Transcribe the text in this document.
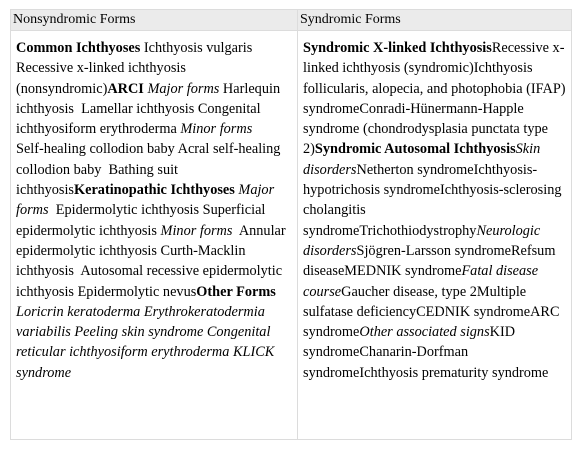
Nonsyndromic Forms	Syndromic Forms
Common Ichthyoses Ichthyosis vulgaris Recessive x-linked ichthyosis (nonsyndromic)ARCI Major forms Harlequin ichthyosis Lamellar ichthyosis Congenital ichthyosiform erythroderma Minor forms  Self-healing collodion baby Acral self-healing collodion baby Bathing suit ichthyosisKeratinopathic Ichthyoses Major forms Epidermolytic ichthyosis Superficial epidermolytic ichthyosis Minor forms Annular epidermolytic ichthyosis Curth-Macklin ichthyosis Autosomal recessive epidermolytic ichthyosis Epidermolytic nevusOther Forms Loricrin keratoderma Erythrokeratodermia variabilis Peeling skin syndrome Congenital reticular ichthyosiform erythroderma KLICK syndrome
Syndromic X-linked IchthyosisRecessive x-linked ichthyosis (syndromic)Ichthyosis follicularis, alopecia, and photophobia (IFAP) syndromeConradi-Hünermann-Happle syndrome (chondrodysplasia punctata type 2)Syndromic Autosomal IchthyosisSkin disordersNetherton syndromeIchthyosis-hypotrichosis syndromeIchthyosis-sclerosing cholangitis syndromeTrichothiodystrophyNeurologic disordersSjögren-Larsson syndromeRefsum diseaseMEDNIK syndromeFatal disease courseGaucher disease, type 2Multiple sulfatase deficiencyCEDNIK syndromeARC syndromeOther associated signsKID syndromeChanarin-Dorfman syndromeIchthyosis prematurity syndrome
